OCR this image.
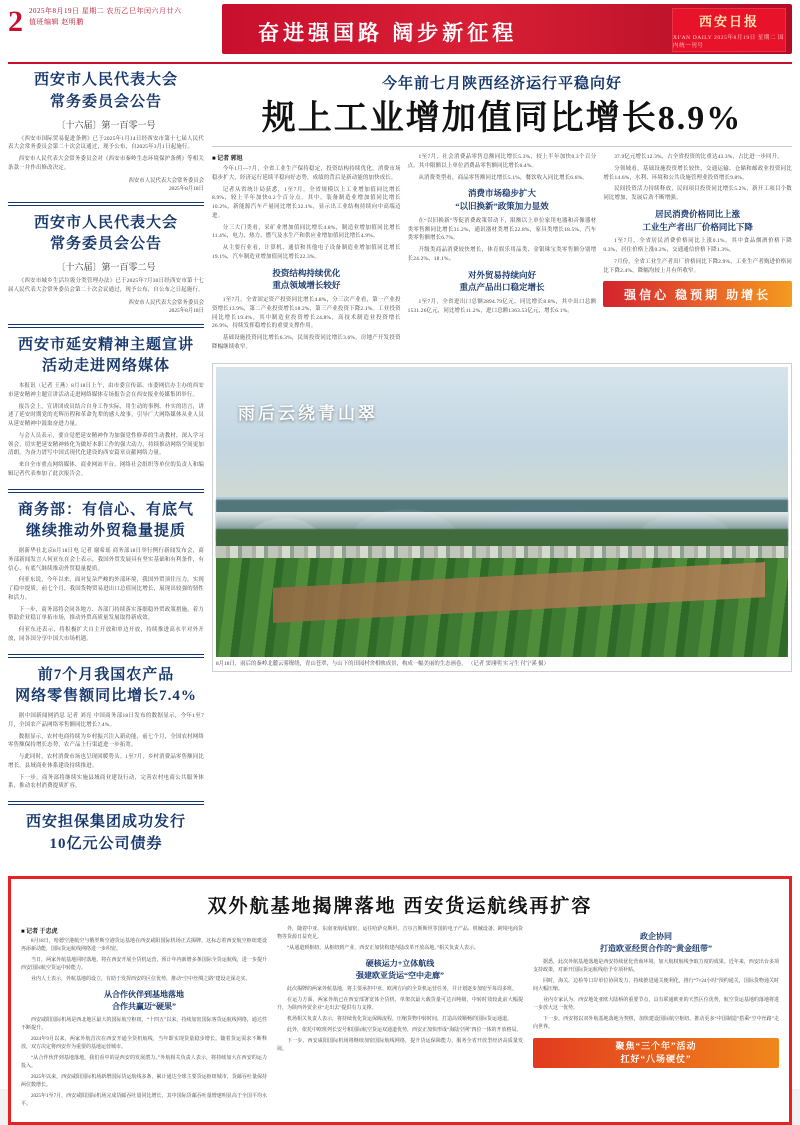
2 2025年8月19日 星期二 农历乙巳年闰六月廿六
值班编辑 赵明鹏	奋进强国路 阔步新征程	西安日报
XI'AN DAILY 2025年8月19日 星期二 国内统一刊号
西安市人民代表大会
常务委员会公告
〔十六届〕第一百零一号

《西安市国际贸易促进条例》已于2025年1月14日经西安市第十七届人民代表大会常务委员会第二十次会议通过，现予公布，自2025年3月1日起施行。

西安市人民代表大会常务委员会对《西安市秦岭生态环境保护条例》等相关条款一并作出修改决定。

西安市人民代表大会常务委员会
2025年8月18日
西安市人民代表大会
常务委员会公告
〔十六届〕第一百零二号

《西安市城乡生活垃圾分类管理办法》已于2025年7月30日经西安市第十七届人民代表大会常务委员会第二十次会议通过，现予公布，自公布之日起施行。

西安市人民代表大会常务委员会
2025年8月18日
西安市延安精神主题宣讲
活动走进网络媒体

本报讯（记者 王燕）8月18日上午，由市委宣传部、市委网信办主办的西安市延安精神主题宣讲活动走进网络媒体专场报告会在西安报业传媒集团举行。

报告会上，宣讲团成员结合自身工作实际，用生动的事例、朴实的语言，讲述了延安时期党的光辉历程和革命先辈的感人故事，引导广大网络媒体从业人员从延安精神中汲取奋进力量。

与会人员表示，要自觉把延安精神作为加强党性修养的生动教材，深入学习领会，切实把延安精神转化为做好本职工作的强大动力，持续推动网络空间更加清朗，为奋力谱写中国式现代化建设的西安篇章贡献网络力量。

来自全市重点网络媒体、商业网站平台、网络社会组织等单位的负责人和编辑记者代表参加了此次报告会。

商务部：有信心、有底气
继续推动外贸稳量提质

据新华社北京8月18日电 记者 谢希瑶 商务部18日举行例行新闻发布会，商务部新闻发言人何亚东在会上表示，我国外贸发展具有坚实基础和有利条件，有信心、有底气继续推动外贸稳量提质。

何亚东说，今年以来，面对复杂严峻的外部环境，我国外贸顶住压力，实现了稳中提质。前七个月，我国货物贸易进出口总值同比增长，展现出较强的韧性和活力。

下一步，商务部将会同各地方、各部门持续落实落细稳外贸政策措施，着力帮助企业稳订单拓市场，推动外贸高质量发展取得新成效。

何亚东还表示，将积极扩大自主开放和单边开放，持续推进高水平对外开放，同各国分享中国大市场机遇。

前7个月我国农产品
网络零售额同比增长7.4%

据中国新闻网消息 记者 刘亮 中国商务部18日发布的数据显示，今年1至7月，全国农产品网络零售额同比增长7.4%。

数据显示，农村电商持续为乡村振兴注入新动能，前七个月，全国农村网络零售额保持增长态势，农产品上行渠道进一步拓宽。

与此同时，农村消费市场也呈现回暖势头。1至7月，乡村消费品零售额同比增长，县域商业体系建设持续推进。

下一步，商务部将继续实施县域商业建设行动，完善农村电商公共服务体系，推动农村消费提质扩容。

西安担保集团成功发行
10亿元公司债券
今年前七月陕西经济运行平稳向好
规上工业增加值同比增长8.9%
■ 记者 郭旭

今年1月—7月，全省工业生产保持稳定，投资结构持续优化，消费市场稳步扩大，经济运行延续平稳向好态势，成绩的背后是新动能的加快成长。

记者从省统计局获悉，1至7月，全省规模以上工业增加值同比增长8.9%，较上半年加快0.2个百分点。其中，装备制造业增加值同比增长10.2%，新能源汽车产量同比增长32.1%，显示出工业结构持续向中高端迈进。

分三大门类看，采矿业增加值同比增长4.8%，制造业增加值同比增长11.4%，电力、热力、燃气及水生产和供应业增加值同比增长4.9%。

从主要行业看，计算机、通信和其他电子设备制造业增加值同比增长19.1%，汽车制造业增加值同比增长22.3%。

投资结构持续优化
重点领域增长较好

1至7月，全省固定资产投资同比增长4.8%，分三次产业看，第一产业投资增长13.9%，第二产业投资增长18.2%，第三产业投资下降2.1%。工业投资同比增长19.4%，其中制造业投资增长24.8%，高技术制造业投资增长26.9%，持续发挥稳增长的重要支撑作用。

基础设施投资同比增长6.3%，民间投资同比增长3.6%，房地产开发投资降幅继续收窄。

1至7月，社会消费品零售总额同比增长5.3%，较上半年加快0.3个百分点。其中限额以上单位消费品零售额同比增长6.4%。

从消费类型看，商品零售额同比增长5.1%，餐饮收入同比增长6.6%。

消费市场稳步扩大
“以旧换新”政策加力显效

在“以旧换新”等促消费政策带动下，限额以上单位家用电器和音像器材类零售额同比增长31.2%，通讯器材类增长22.8%，家具类增长18.5%，汽车类零售额增长6.7%。

升级类商品消费较快增长，体育娱乐用品类、金银珠宝类零售额分别增长24.2%、18.1%。

对外贸易持续向好
重点产品出口稳定增长

1至7月，全省进出口总额2894.79亿元，同比增长8.8%，其中出口总额1531.26亿元，同比增长11.2%，进口总额1363.53亿元，增长6.1%。

37.9亿元增长12.3%，占全省投资的比重达43.3%，占比进一步回升。

分领域看，基础设施投资增长较快，交通运输、仓储和邮政业投资同比增长14.6%，水利、环境和公共设施管理业投资增长9.8%。

民间投资活力持续释放，民间项目投资同比增长5.2%，新开工项目个数同比增加，发展后劲不断增强。

居民消费价格同比上涨
工业生产者出厂价格同比下降

1至7月，全省居民消费价格同比上涨0.1%。其中食品烟酒价格下降0.3%，居住价格上涨0.2%，交通通信价格下降1.3%。

7月份，全省工业生产者出厂价格同比下降2.9%，工业生产者购进价格同比下降2.4%，降幅均较上月有所收窄。

强信心 稳预期 助增长
雨后云绕青山翠
8月18日，雨后的秦岭北麓云雾缭绕，青山苍翠，与山下的田园村舍相映成景，构成一幅美丽的生态画卷。 （记者 窦翊明 实习生 付宁溪 摄）
双外航基地揭牌落地 西安货运航线再扩容
■ 记者 于忠虎

8月18日，哈德空港航空与俄罗斯空港货运基地在西安咸阳国际机场正式揭牌，这标志着西安航空枢纽建设再添新动能，国际货运航线网络进一步织密。

当日，两家外航基地同时落地，将在西安开展全货机运营，预计年内新增多条国际全货运航线，进一步提升西安国际航空货运中转能力。

业内人士表示，外航基地的设立，有助于发挥西安的区位优势，推动“空中丝绸之路”建设走深走实。

从合作伙伴到基地落地
合作共赢迈“硬果”

西安咸阳国际机场是西北地区最大的国际航空枢纽，“十四五”以来，持续加密国际客货运航线网络，通达性不断提升。

2024年9月以来，两家外航首次在西安开通全货机航线，当年即实现货量稳步增长。随着货运需求不断释放，双方决定将西安作为重要的基地运营城市。

“从合作伙伴到基地落地，我们看中的是西安的发展潜力。”外航相关负责人表示，将持续加大在西安的运力投入。

2025年以来，西安咸阳国际机场新增国际货运航线多条，累计通达全球主要货运枢纽城市，货邮吞吐量保持两位数增长。

2025年1至7月，西安咸阳国际机场完成货邮吞吐量同比增长，其中国际货邮吞吐量增速明显高于全国平均水平。

外，随着中亚、东南亚航线加密，运往哈萨克斯坦、吉尔吉斯斯坦等国的电子产品、机械设备、跨境电商货物等货源日益充足。

“从通道到枢纽，从枢纽到产业，西安正加快构建内陆改革开放高地。”相关负责人表示。

硬核运力+立体航线
强建欧亚货运“空中走廊”

此次揭牌的两家外航基地，将主要承担中亚、欧洲方向的全货机运营任务，并计划逐步加密至每周多班。

在运力方面，两家外航已在西安部署宽体全货机，单架次最大载货量可达百吨级，中转时效较此前大幅提升，为陕西外贸企业“走出去”提供有力支撑。

机场相关负责人表示，将持续优化货运保障流程，压缩货物中转时间，打造高效顺畅的国际货运通道。

此外，依托中欧班列长安号和国际航空货运双通道优势，西安正加快形成“海陆空网”四位一体的开放格局。

下一步，西安咸阳国际机场将继续加密国际航线网络，提升货运保障能力，服务全省开放型经济高质量发展。

政企协同
打造欧亚经贸合作的“黄金纽带”

据悉，此次外航基地落地是西安持续优化营商环境、加大航权航线争取力度的成果。近年来，西安出台多项支持政策，对新开国际货运航线给予专项补贴。

同时，海关、边检等口岸单位协同发力，持续推进通关便利化，推行“7×24小时”预约通关，国际货物通关时间大幅压缩。

业内专家认为，西安地处亚欧大陆桥的重要节点，具有联通欧亚的天然区位优势，航空货运基地的落地将进一步放大这一优势。

下一步，西安将以双外航基地落地为契机，加快建设国际航空枢纽，推动更多“中国制造”搭乘“空中丝路”走向世界。

聚焦“三个年”活动
扛好“八场硬仗”
